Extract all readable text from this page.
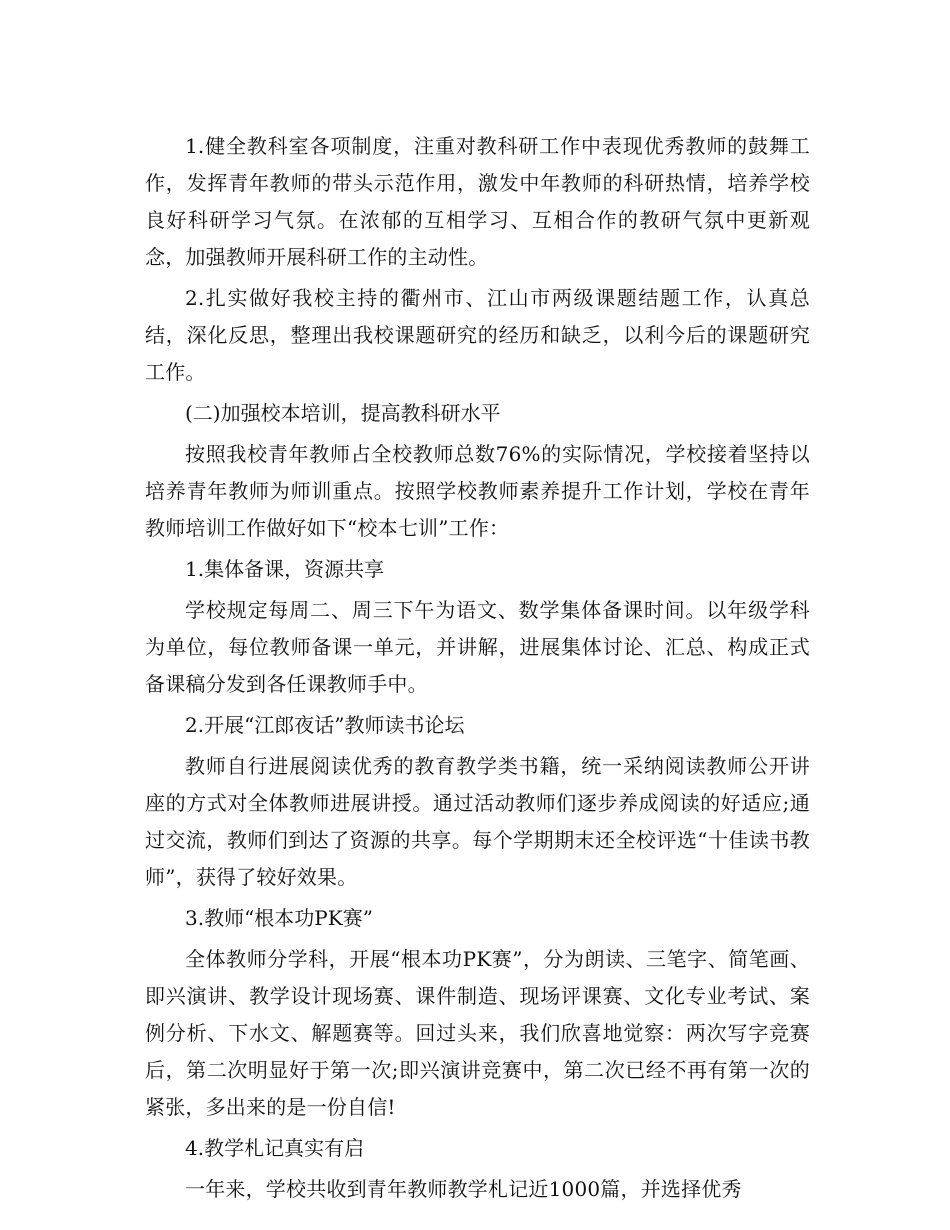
1.健全教科室各项制度，注重对教科研工作中表现优秀教师的鼓舞工作，发挥青年教师的带头示范作用，激发中年教师的科研热情，培养学校良好科研学习气氛。在浓郁的互相学习、互相合作的教研气氛中更新观念，加强教师开展科研工作的主动性。

2.扎实做好我校主持的衢州市、江山市两级课题结题工作，认真总结，深化反思，整理出我校课题研究的经历和缺乏，以利今后的课题研究工作。

(二)加强校本培训，提高教科研水平

按照我校青年教师占全校教师总数76%的实际情况，学校接着坚持以培养青年教师为师训重点。按照学校教师素养提升工作计划，学校在青年教师培训工作做好如下“校本七训”工作：

1.集体备课，资源共享

学校规定每周二、周三下午为语文、数学集体备课时间。以年级学科为单位，每位教师备课一单元，并讲解，进展集体讨论、汇总、构成正式备课稿分发到各任课教师手中。

2.开展“江郎夜话”教师读书论坛

教师自行进展阅读优秀的教育教学类书籍，统一采纳阅读教师公开讲座的方式对全体教师进展讲授。通过活动教师们逐步养成阅读的好适应;通过交流，教师们到达了资源的共享。每个学期期末还全校评选“十佳读书教师”，获得了较好效果。

3.教师“根本功PK赛”

全体教师分学科，开展“根本功PK赛”，分为朗读、三笔字、简笔画、即兴演讲、教学设计现场赛、课件制造、现场评课赛、文化专业考试、案例分析、下水文、解题赛等。回过头来，我们欣喜地觉察：两次写字竞赛后，第二次明显好于第一次;即兴演讲竞赛中，第二次已经不再有第一次的紧张，多出来的是一份自信!

4.教学札记真实有启

一年来，学校共收到青年教师教学札记近1000篇，并选择优秀
